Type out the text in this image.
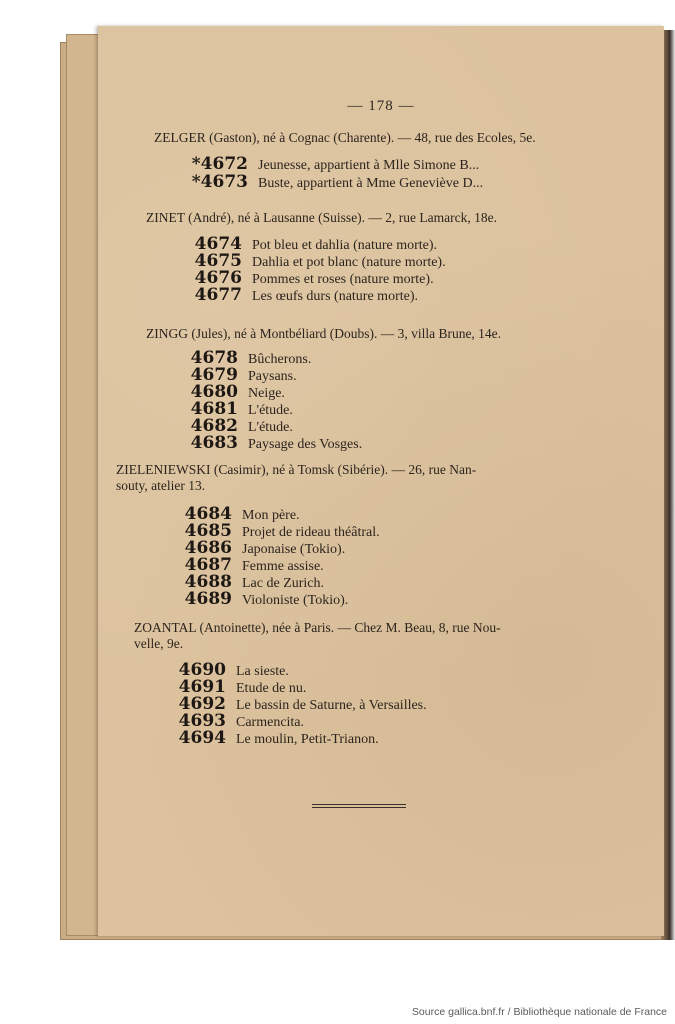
— 178 —
ZELGER (Gaston), né à Cognac (Charente). — 48, rue des Ecoles, 5e.
*4672 Jeunesse, appartient à Mlle Simone B...
*4673 Buste, appartient à Mme Geneviève D...
ZINET (André), né à Lausanne (Suisse). — 2, rue Lamarck, 18e.
4674 Pot bleu et dahlia (nature morte).
4675 Dahlia et pot blanc (nature morte).
4676 Pommes et roses (nature morte).
4677 Les œufs durs (nature morte).
ZINGG (Jules), né à Montbéliard (Doubs). — 3, villa Brune, 14e.
4678 Bûcherons.
4679 Paysans.
4680 Neige.
4681 L'étude.
4682 L'étude.
4683 Paysage des Vosges.
ZIELENIEWSKI (Casimir), né à Tomsk (Sibérie). — 26, rue Nan-
souty, atelier 13.
4684 Mon père.
4685 Projet de rideau théâtral.
4686 Japonaise (Tokio).
4687 Femme assise.
4688 Lac de Zurich.
4689 Violoniste (Tokio).
ZOANTAL (Antoinette), née à Paris. — Chez M. Beau, 8, rue Nou-
velle, 9e.
4690 La sieste.
4691 Etude de nu.
4692 Le bassin de Saturne, à Versailles.
4693 Carmencita.
4694 Le moulin, Petit-Trianon.
Source gallica.bnf.fr / Bibliothèque nationale de France
